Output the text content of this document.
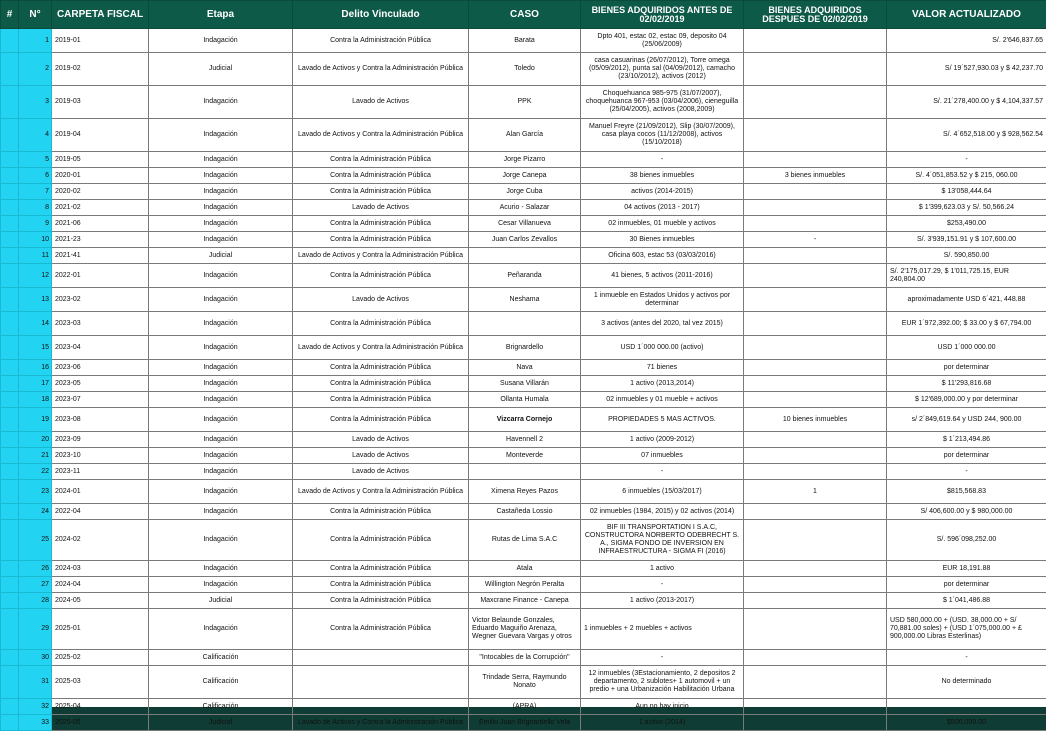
#	N°	CARPETA FISCAL	Etapa	Delito Vinculado	CASO	BIENES ADQUIRIDOS ANTES DE 02/02/2019	BIENES ADQUIRIDOS DESPUES DE 02/02/2019	VALOR ACTUALIZADO
	1	2019-01	Indagación	Contra la Administración Pública	Barata	Dpto 401, estac 02, estac 09, deposito 04 (25/06/2009)		S/. 2'646,837.65
	2	2019-02	Judicial	Lavado de Activos y Contra la Administración Pública	Toledo	casa casuarinas (26/07/2012), Torre omega (05/09/2012), punta sal (04/09/2012), camacho (23/10/2012), activos (2012)		S/ 19´527,930.03 y $ 42,237.70
	3	2019-03	Indagación	Lavado de Activos	PPK	Choquehuanca 985-975 (31/07/2007), choquehuanca 967-953 (03/04/2006), cieneguilla (25/04/2005), activos (2008,2009)		S/. 21´278,400.00 y $ 4,104,337.57
	4	2019-04	Indagación	Lavado de Activos y Contra la Administración Pública	Alan García	Manuel Freyre (21/09/2012), Slip (30/07/2009), casa playa cocos (11/12/2008), activos (15/10/2018)		S/. 4´652,518.00 y $ 928,562.54
	5	2019-05	Indagación	Contra la Administración Pública	Jorge Pizarro	-		-
	6	2020-01	Indagación	Contra la Administración Pública	Jorge Canepa	38 bienes inmuebles	3 bienes inmuebles	S/. 4´051,853.52 y $ 215, 060.00
	7	2020-02	Indagación	Contra la Administración Pública	Jorge Cuba	activos (2014-2015)		$ 13'058,444.64
	8	2021-02	Indagación	Lavado de Activos	Acurio - Salazar	04 activos (2013 - 2017)		$ 1'399,623.03 y S/. 50,566.24
	9	2021-06	Indagación	Contra la Administración Pública	Cesar Villanueva	02 inmuebles, 01 mueble y activos		$253,490.00
	10	2021-23	Indagación	Contra la Administración Pública	Juan Carlos Zevallos	30 Bienes inmuebles	-	S/. 3'939,151.91 y $ 107,600.00
	11	2021-41	Judicial	Lavado de Activos y Contra la Administración Pública		Oficina 603, estac 53 (03/03/2016)		S/. 590,850.00
	12	2022-01	Indagación	Contra la Administración Pública	Peñaranda	41 bienes, 5 activos (2011-2016)		S/. 2'175,017.29, $ 1'011,725.15, EUR 240,804.00
	13	2023-02	Indagación	Lavado de Activos	Neshama	1 inmueble en Estados Unidos y activos por determinar		aproximadamente USD 6´421, 448.88
	14	2023-03	Indagación	Contra la Administración Pública		3 activos (antes del 2020, tal vez 2015)		EUR 1´972,392.00; $ 33.00 y $ 67,794.00
	15	2023-04	Indagación	Lavado de Activos y Contra la Administración Pública	Brignardello	USD 1´000 000.00 (activo)		USD 1´000 000.00
	16	2023-06	Indagación	Contra la Administración Pública	Nava	71 bienes		por determinar
	17	2023-05	Indagación	Contra la Administración Pública	Susana Villarán	1 activo (2013,2014)		$ 11'293,816.68
	18	2023-07	Indagación	Contra la Administración Pública	Ollanta Humala	02 inmuebles y 01 mueble + activos		$ 12'689,000.00 y por determinar
	19	2023-08	Indagación	Contra la Administración Pública	Vizcarra Cornejo	PROPIEDADES 5 MAS ACTIVOS.	10 bienes inmuebles	s/ 2´849,619.64 y USD 244, 900.00
	20	2023-09	Indagación	Lavado de Activos	Havennell 2	1 activo (2009-2012)		$ 1´213,494.86
	21	2023-10	Indagación	Lavado de Activos	Monteverde	07 inmuebles		por determinar
	22	2023-11	Indagación	Lavado de Activos		-		-
	23	2024-01	Indagación	Lavado de Activos y Contra la Administración Pública	Ximena Reyes Pazos	6 inmuebles (15/03/2017)	1	$815,568.83
	24	2022-04	Indagación	Contra la Administración Pública	Castañeda Lossio	02 inmuebles (1984, 2015) y 02 activos (2014)		S/ 406,600.00 y $ 980,000.00
	25	2024-02	Indagación	Contra la Administración Pública	Rutas de Lima S.A.C	BIF III TRANSPORTATION I S.A.C, CONSTRUCTORA NORBERTO ODEBRECHT S. A., SIGMA FONDO DE INVERSION EN INFRAESTRUCTURA - SIGMA FI (2016)		S/. 596´098,252.00
	26	2024-03	Indagación	Contra la Administración Pública	Atala	1 activo		EUR 18,191.88
	27	2024-04	Indagación	Contra la Administración Pública	Willington Negrón Peralta	-		por determinar
	28	2024-05	Judicial	Contra la Administración Pública	Maxcrane Finance - Canepa	1 activo (2013-2017)		$ 1´041,486.88
	29	2025-01	Indagación	Contra la Administración Pública	Victor Belaunde Gonzales, Eduardo Maguiño Arenaza, Wegner Guevara Vargas y otros	1 inmuebles + 2 muebles + activos		USD 580,000.00 + (USD. 38,000.00 + S/ 70,881.00 soles) + (USD 1´075,000.00 + £ 900,000.00 Libras Esterlinas)
	30	2025-02	Calificación		"Intocables de la Corrupción"	-		-
	31	2025-03	Calificación		Trindade Serra, Raymundo Nonato	12 inmuebles (3Estacionamiento, 2 depositos 2 departamento, 2 sublotes+ 1 automovil + un predio + una Urbanización Habilitación Urbana		No determinado
	32	2025-04	Calificación		(APRA)	Aun no hay inicio		
	33	2025-05	Judicial	Lavado de Activos y Contra la Administración Pública	Emilio Juan Brignardello Vela	1 activo (2014)		$500,000.00
